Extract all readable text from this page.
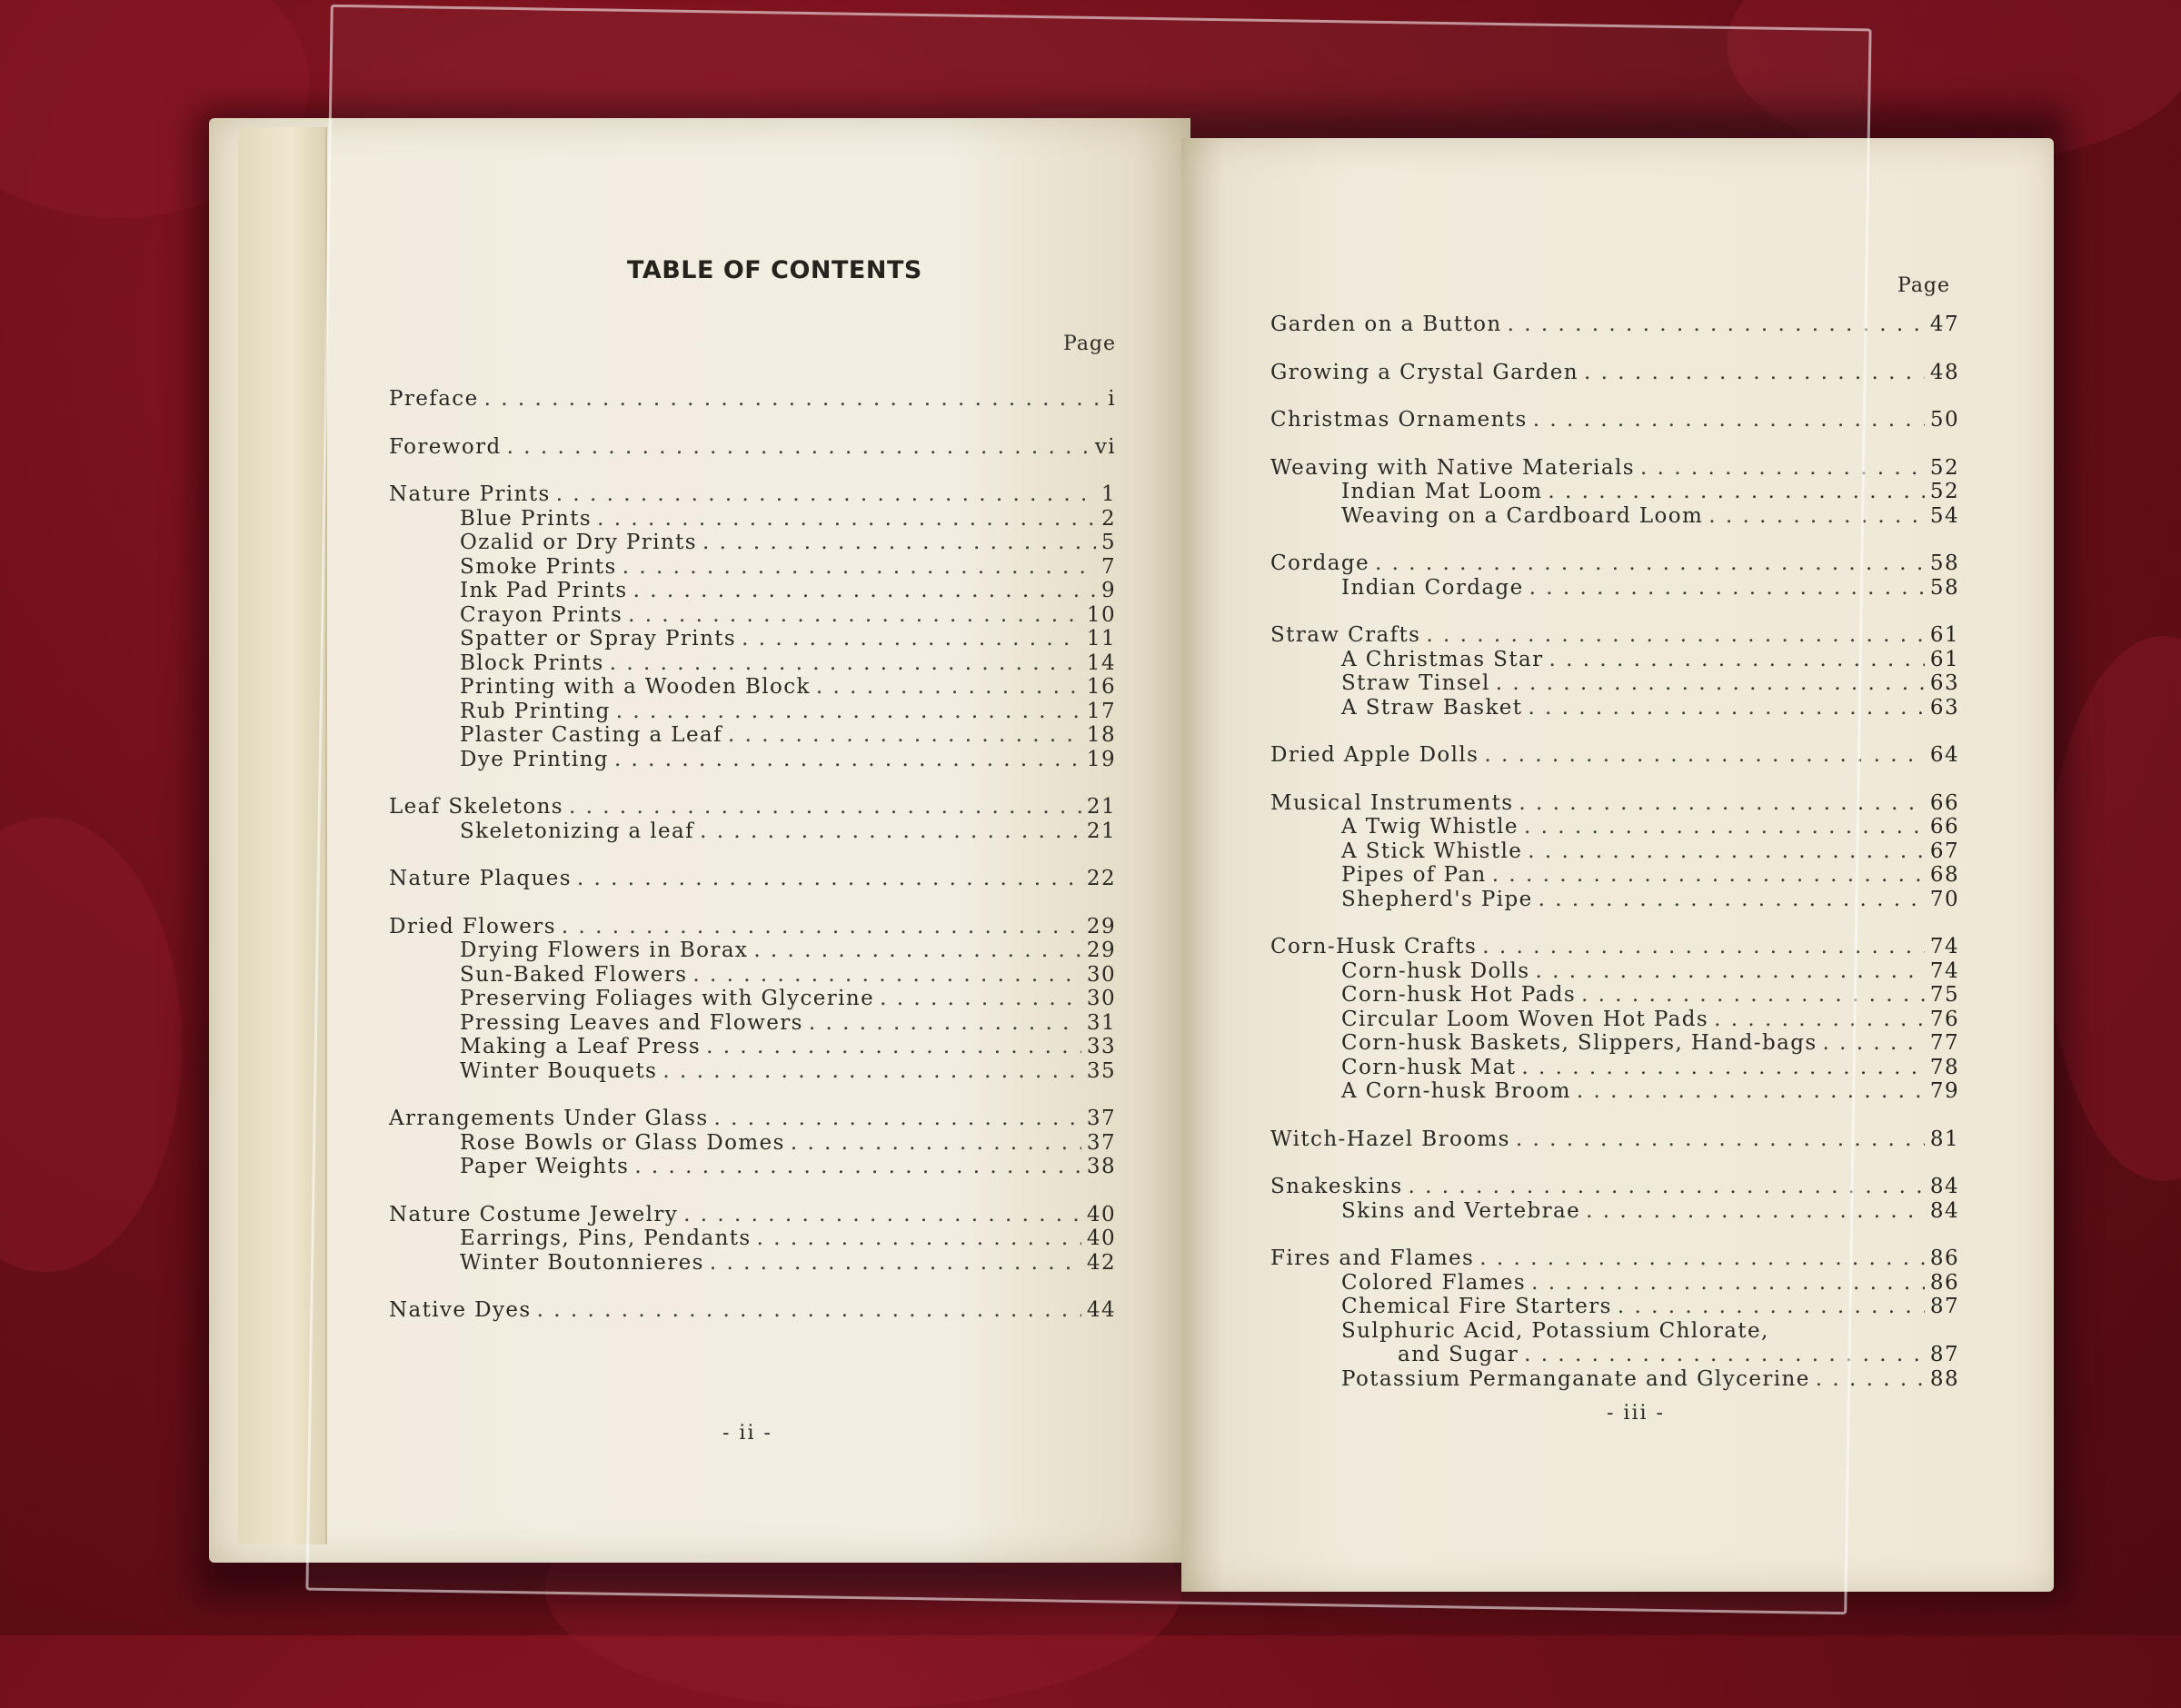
TABLE OF CONTENTS
Page
Preface . . .	i
Foreword . . .	vi
Nature Prints . . .	1
Blue Prints . . .	2
Ozalid or Dry Prints . . .	5
Smoke Prints . . .	7
Ink Pad Prints . . .	9
Crayon Prints . . .	10
Spatter or Spray Prints . . .	11
Block Prints . . .	14
Printing with a Wooden Block . . .	16
Rub Printing . . .	17
Plaster Casting a Leaf . . .	18
Dye Printing . . .	19
Leaf Skeletons . . .	21
Skeletonizing a leaf . . .	21
Nature Plaques . . .	22
Dried Flowers . . .	29
Drying Flowers in Borax . . .	29
Sun-Baked Flowers . . .	30
Preserving Foliages with Glycerine . . .	30
Pressing Leaves and Flowers . . .	31
Making a Leaf Press . . .	33
Winter Bouquets . . .	35
Arrangements Under Glass . . .	37
Rose Bowls or Glass Domes . . .	37
Paper Weights . . .	38
Nature Costume Jewelry . . .	40
Earrings, Pins, Pendants . . .	40
Winter Boutonnieres . . .	42
Native Dyes . . .	44
- ii -
Page
Garden on a Button . . .	47
Growing a Crystal Garden . . .	48
Christmas Ornaments . . .	50
Weaving with Native Materials . . .	52
Indian Mat Loom . . .	52
Weaving on a Cardboard Loom . . .	54
Cordage . . .	58
Indian Cordage . . .	58
Straw Crafts . . .	61
A Christmas Star . . .	61
Straw Tinsel . . .	63
A Straw Basket . . .	63
Dried Apple Dolls . . .	64
Musical Instruments . . .	66
A Twig Whistle . . .	66
A Stick Whistle . . .	67
Pipes of Pan . . .	68
Shepherd's Pipe . . .	70
Corn-Husk Crafts . . .	74
Corn-husk Dolls . . .	74
Corn-husk Hot Pads . . .	75
Circular Loom Woven Hot Pads . . .	76
Corn-husk Baskets, Slippers, Hand-bags . . .	77
Corn-husk Mat . . .	78
A Corn-husk Broom . . .	79
Witch-Hazel Brooms . . .	81
Snakeskins . . .	84
Skins and Vertebrae . . .	84
Fires and Flames . . .	86
Colored Flames . . .	86
Chemical Fire Starters . . .	87
Sulphuric Acid, Potassium Chlorate,
and Sugar . . .	87
Potassium Permanganate and Glycerine . . .	88
- iii -
